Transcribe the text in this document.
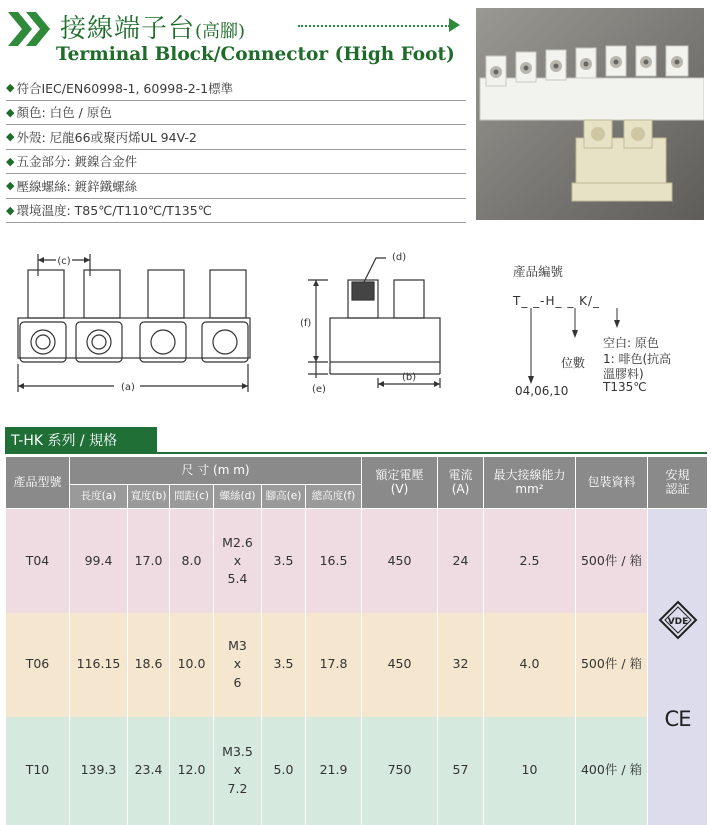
接線端子台(高腳)
Terminal Block/Connector (High Foot)
◆ 符合IEC/EN60998-1, 60998-2-1標準
◆ 顏色:
白色 / 原色
◆ 外殼:
尼龍66或聚丙烯UL 94V-2
◆ 五金部分:
鍍鎳合金件
◆ 壓線螺絲:
鍍鋅鐵螺絲
◆ 環境溫度:
T85℃/T110℃/T135℃
(c)
(a)
(d)
(f)
(e)
(b)
產品編號
T_ _-H_ _ K/_
空白: 原色
1: 啡色(抗高
溫膠料)
T135℃
位數
04,06,10
T-HK 系列 / 規格
產品型號	尺 寸 (m m)						額定電壓
(V)	電流
(A)	最大接線能力
mm²	包裝資料	安規
認証
	長度(a)	寬度(b)	間距(c)	螺絲(d)	腳高(e)	總高度(f)					
T04	99.4	17.0	8.0	M2.6
x
5.4	3.5	16.5	450	24	2.5	500件 / 箱	VDE
CE

T06	116.15	18.6	10.0	M3
x
6	3.5	17.8	450	32	4.0	500件 / 箱	
T10	139.3	23.4	12.0	M3.5
x
7.2	5.0	21.9	750	57	10	400件 / 箱	
